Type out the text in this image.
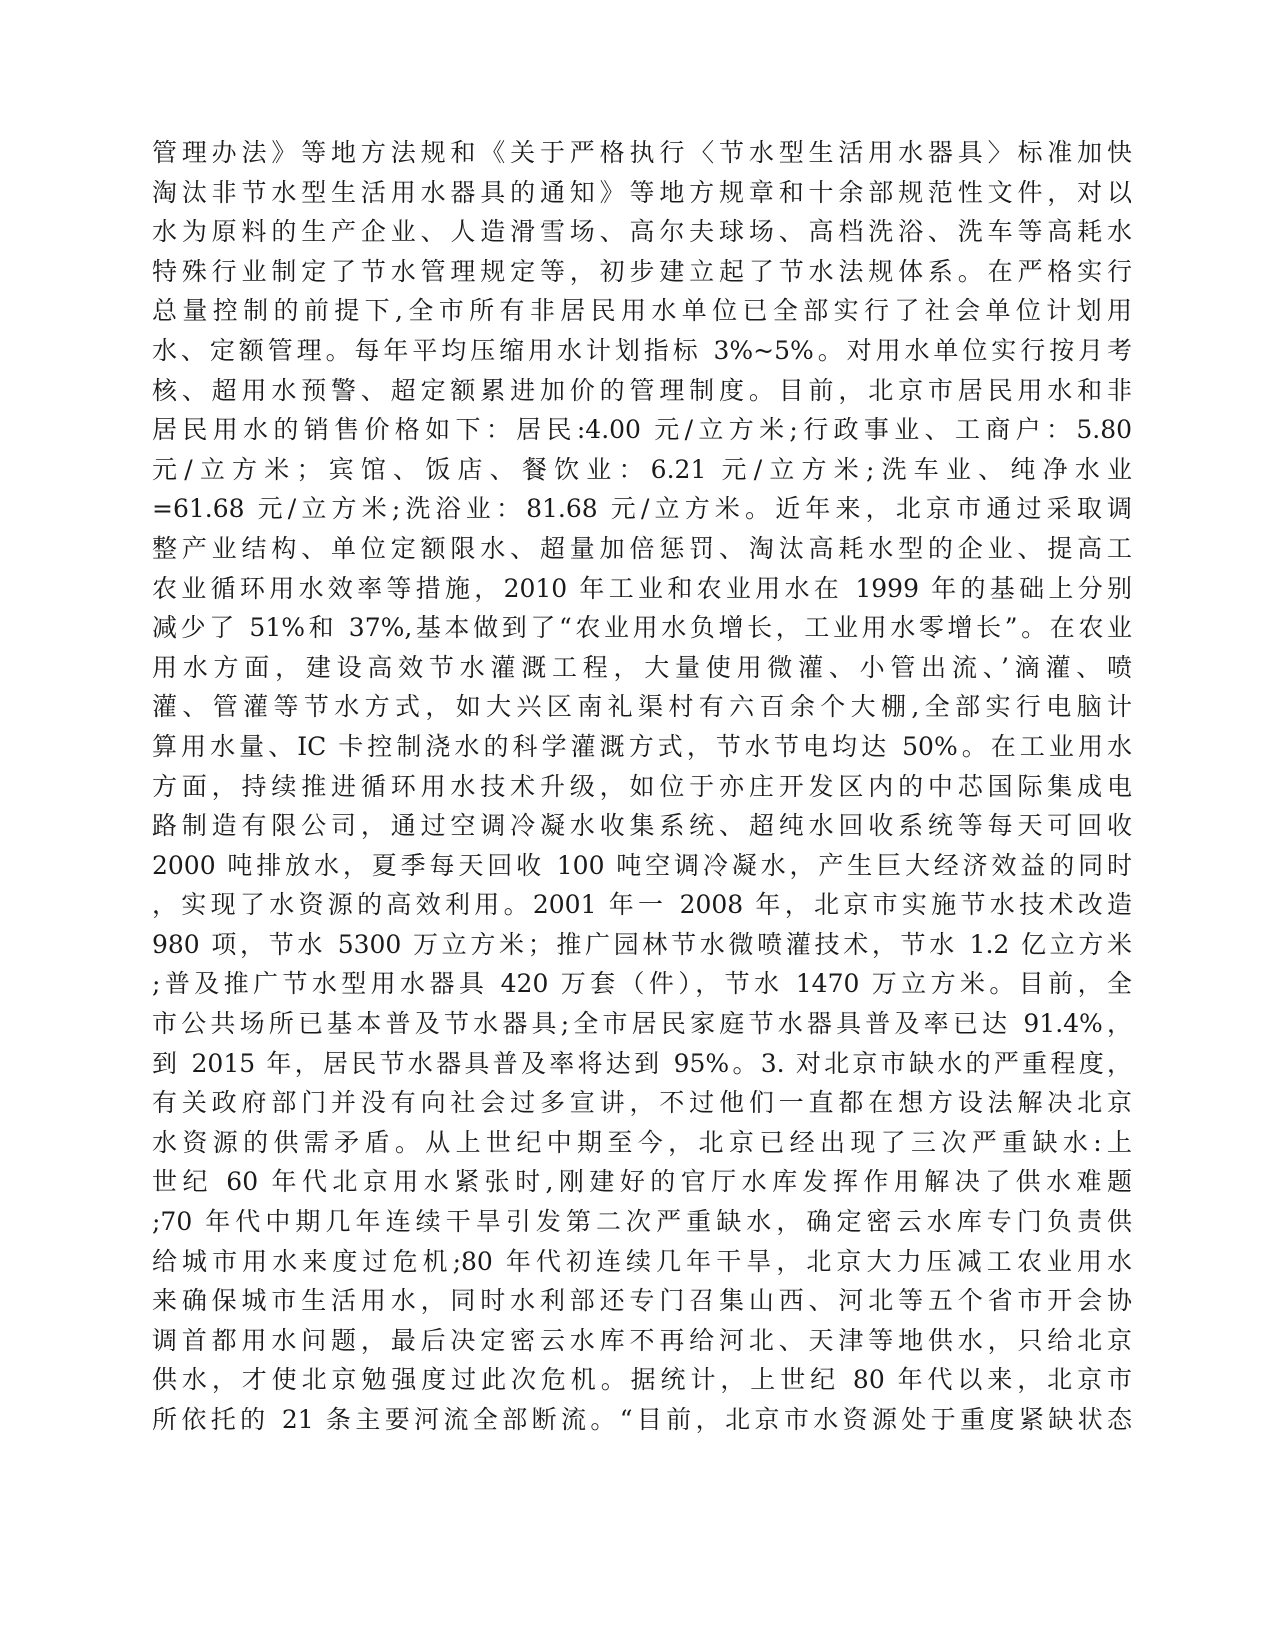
管理办法》等地方法规和《关于严格执行〈节水型生活用水器具〉标准加快
淘汰非节水型生活用水器具的通知》等地方规章和十余部规范性文件，对以
水为原料的生产企业、人造滑雪场、高尔夫球场、高档洗浴、洗车等高耗水
特殊行业制定了节水管理规定等，初步建立起了节水法规体系。在严格实行
总量控制的前提下,全市所有非居民用水单位已全部实行了社会单位计划用
水、定额管理。每年平均压缩用水计划指标 3%~5%。对用水单位实行按月考
核、超用水预警、超定额累进加价的管理制度。目前，北京市居民用水和非
居民用水的销售价格如下：居民:4.00 元/立方米;行政事业、工商户：5.80
元/立方米；宾馆、饭店、餐饮业：6.21 元/立方米;洗车业、纯净水业
=61.68 元/立方米;洗浴业：81.68 元/立方米。近年来，北京市通过采取调
整产业结构、单位定额限水、超量加倍惩罚、淘汰高耗水型的企业、提高工
农业循环用水效率等措施，2010 年工业和农业用水在 1999 年的基础上分别
减少了 51%和 37%,基本做到了“农业用水负增长，工业用水零增长”。在农业
用水方面，建设高效节水灌溉工程，大量使用微灌、小管出流、’滴灌、喷
灌、管灌等节水方式，如大兴区南礼渠村有六百余个大棚,全部实行电脑计
算用水量、IC 卡控制浇水的科学灌溉方式，节水节电均达 50%。在工业用水
方面，持续推进循环用水技术升级，如位于亦庄开发区内的中芯国际集成电
路制造有限公司，通过空调冷凝水收集系统、超纯水回收系统等每天可回收
2000 吨排放水，夏季每天回收 100 吨空调冷凝水，产生巨大经济效益的同时
，实现了水资源的高效利用。2001 年一 2008 年，北京市实施节水技术改造
980 项，节水 5300 万立方米；推广园林节水微喷灌技术，节水 1.2 亿立方米
;普及推广节水型用水器具 420 万套（件），节水 1470 万立方米。目前，全
市公共场所已基本普及节水器具;全市居民家庭节水器具普及率已达 91.4%，
到 2015 年，居民节水器具普及率将达到 95%。3. 对北京市缺水的严重程度，
有关政府部门并没有向社会过多宣讲，不过他们一直都在想方设法解决北京
水资源的供需矛盾。从上世纪中期至今，北京已经出现了三次严重缺水:上
世纪 60 年代北京用水紧张时,刚建好的官厅水库发挥作用解决了供水难题
;70 年代中期几年连续干旱引发第二次严重缺水，确定密云水库专门负责供
给城市用水来度过危机;80 年代初连续几年干旱，北京大力压减工农业用水
来确保城市生活用水，同时水利部还专门召集山西、河北等五个省市开会协
调首都用水问题，最后决定密云水库不再给河北、天津等地供水，只给北京
供水，才使北京勉强度过此次危机。据统计，上世纪 80 年代以来，北京市
所依托的 21 条主要河流全部断流。“目前，北京市水资源处于重度紧缺状态
